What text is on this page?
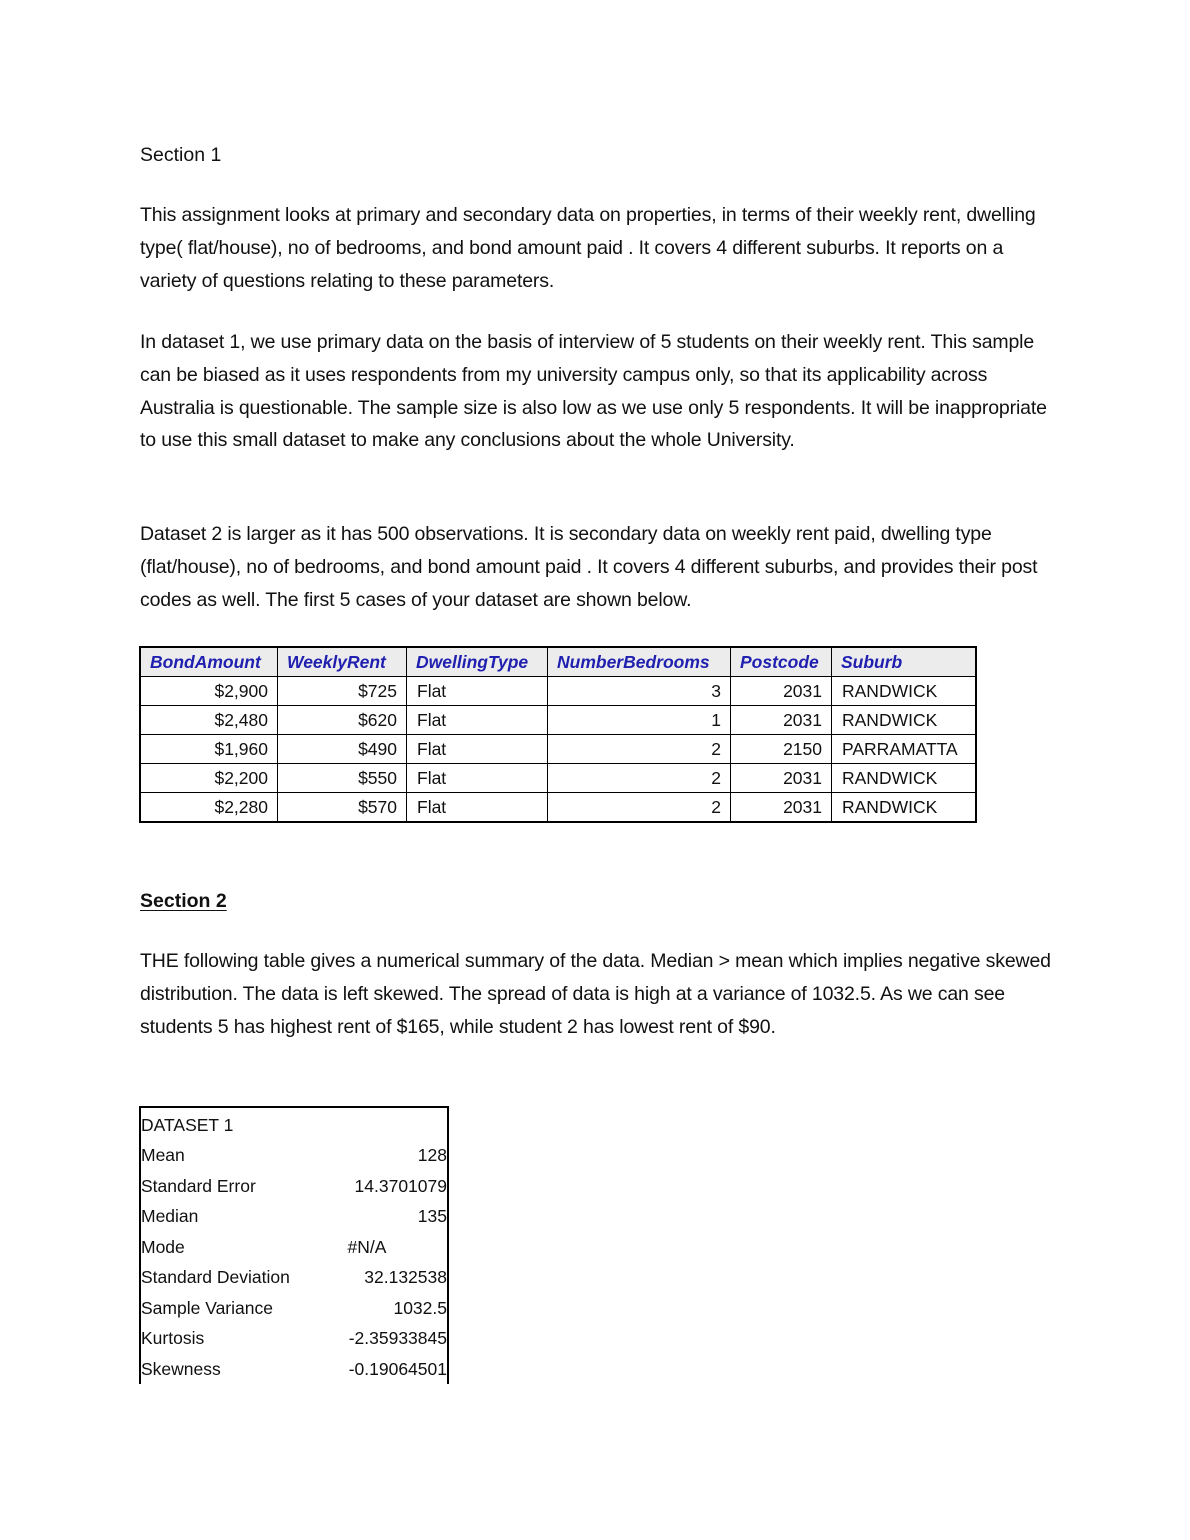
Section 1

This assignment looks at primary and secondary data on properties, in terms of their weekly rent, dwelling type( flat/house), no of bedrooms, and bond amount paid . It covers 4 different suburbs. It reports on a variety of questions relating to these parameters.

In dataset 1, we use primary data on the basis of interview of 5 students on their weekly rent. This sample can be biased as it uses respondents from my university campus only, so that its applicability across Australia is questionable. The sample size is also low as we use only 5 respondents. It will be inappropriate to use this small dataset to make any conclusions about the whole University.

Dataset 2 is larger as it has 500 observations. It is secondary data on weekly rent paid, dwelling type (flat/house), no of bedrooms, and bond amount paid . It covers 4 different suburbs, and provides their post codes as well. The first 5 cases of your dataset are shown below.

BondAmount	WeeklyRent	DwellingType	NumberBedrooms	Postcode	Suburb
$2,900	$725	Flat	3	2031	RANDWICK
$2,480	$620	Flat	1	2031	RANDWICK
$1,960	$490	Flat	2	2150	PARRAMATTA
$2,200	$550	Flat	2	2031	RANDWICK
$2,280	$570	Flat	2	2031	RANDWICK

Section 2

THE following table gives a numerical summary of the data. Median > mean which implies negative skewed distribution. The data is left skewed. The spread of data is high at a variance of 1032.5. As we can see students 5 has highest rent of $165, while student 2 has lowest rent of $90.

DATASET 1
Mean	128
Standard Error	14.3701079
Median	135
Mode	#N/A
Standard Deviation	32.132538
Sample Variance	1032.5
Kurtosis	-2.35933845
Skewness	-0.19064501
